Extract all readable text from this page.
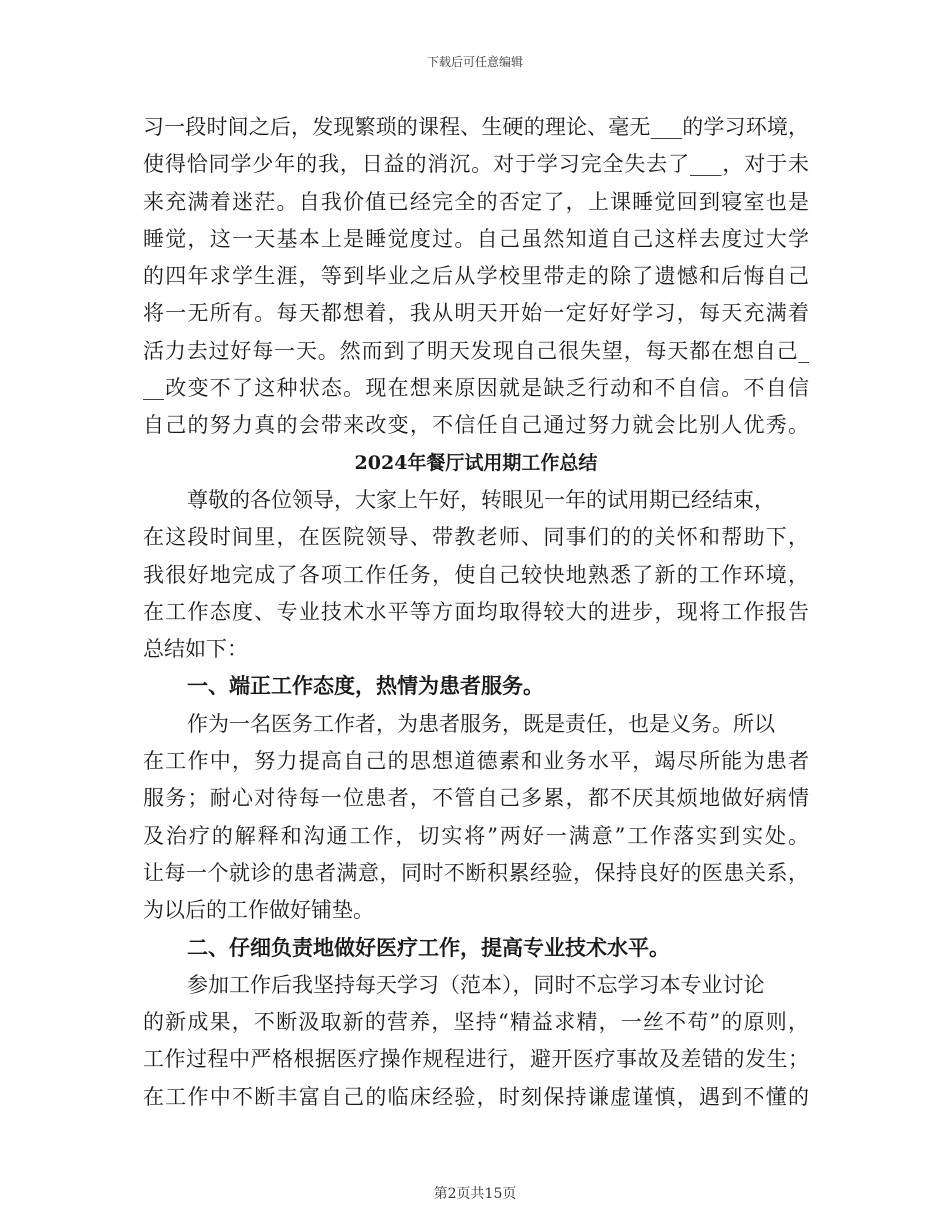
下载后可任意编辑
习一段时间之后，发现繁琐的课程、生硬的理论、毫无___的学习环境，
使得恰同学少年的我，日益的消沉。对于学习完全失去了___，对于未
来充满着迷茫。自我价值已经完全的否定了，上课睡觉回到寝室也是
睡觉，这一天基本上是睡觉度过。自己虽然知道自己这样去度过大学
的四年求学生涯，等到毕业之后从学校里带走的除了遗憾和后悔自己
将一无所有。每天都想着，我从明天开始一定好好学习，每天充满着
活力去过好每一天。然而到了明天发现自己很失望，每天都在想自己_
__改变不了这种状态。现在想来原因就是缺乏行动和不自信。不自信
自己的努力真的会带来改变，不信任自己通过努力就会比别人优秀。
2024年餐厅试用期工作总结
尊敬的各位领导，大家上午好，转眼见一年的试用期已经结束，
在这段时间里，在医院领导、带教老师、同事们的的关怀和帮助下，
我很好地完成了各项工作任务，使自己较快地熟悉了新的工作环境，
在工作态度、专业技术水平等方面均取得较大的进步，现将工作报告
总结如下：
一、端正工作态度，热情为患者服务。
作为一名医务工作者，为患者服务，既是责任，也是义务。所以
在工作中，努力提高自己的思想道德素和业务水平，竭尽所能为患者
服务；耐心对待每一位患者，不管自己多累，都不厌其烦地做好病情
及治疗的解释和沟通工作，切实将”两好一满意”工作落实到实处。
让每一个就诊的患者满意，同时不断积累经验，保持良好的医患关系，
为以后的工作做好铺垫。
二、仔细负责地做好医疗工作，提高专业技术水平。
参加工作后我坚持每天学习（范本），同时不忘学习本专业讨论
的新成果，不断汲取新的营养，坚持“精益求精，一丝不苟”的原则，
工作过程中严格根据医疗操作规程进行，避开医疗事故及差错的发生；
在工作中不断丰富自己的临床经验，时刻保持谦虚谨慎，遇到不懂的
第2页共15页
